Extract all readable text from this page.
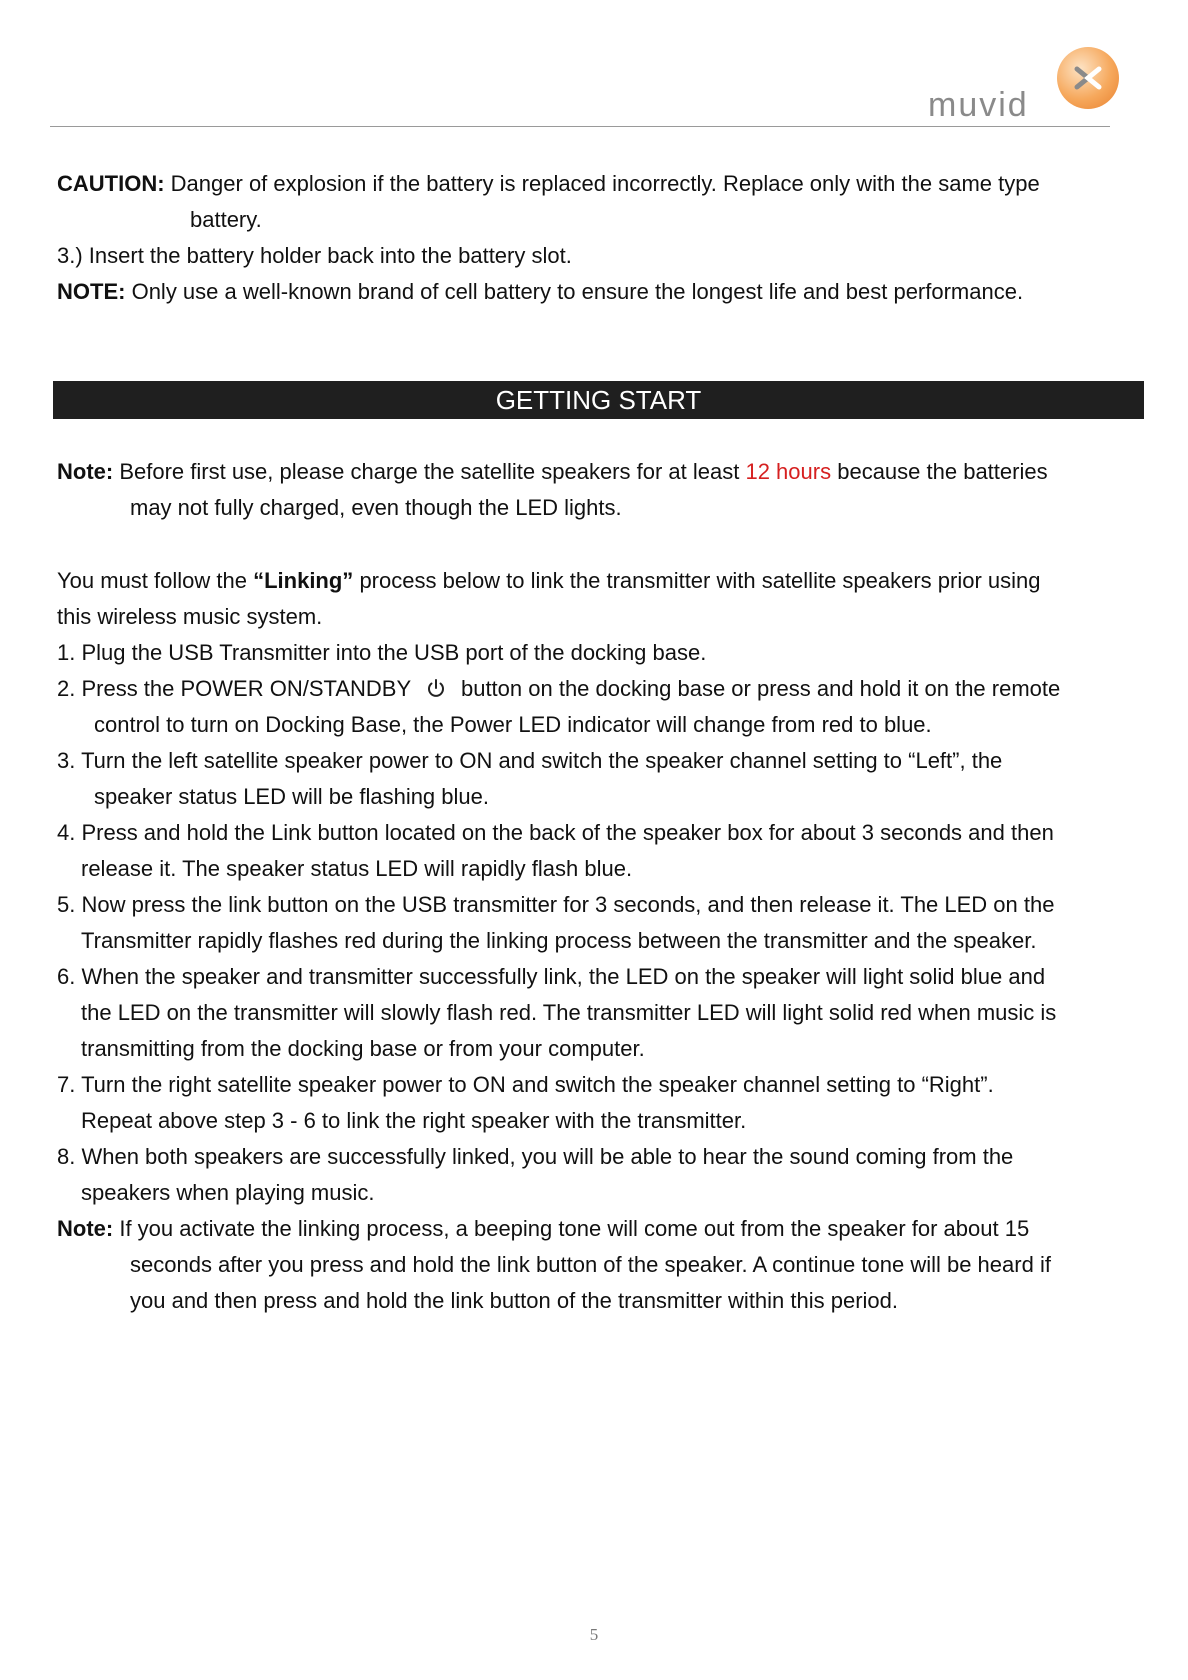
muvid

CAUTION: Danger of explosion if the battery is replaced incorrectly. Replace only with the same type

battery.

3.) Insert the battery holder back into the battery slot.

NOTE: Only use a well-known brand of cell battery to ensure the longest life and best performance.

GETTING START

Note: Before first use, please charge the satellite speakers for at least 12 hours because the batteries

may not fully charged, even though the LED lights.

You must follow the “Linking” process below to link the transmitter with satellite speakers prior using

this wireless music system.

1. Plug the USB Transmitter into the USB port of the docking base.

2. Press the POWER ON/STANDBY button on the docking base or press and hold it on the remote

control to turn on Docking Base, the Power LED indicator will change from red to blue.

3. Turn the left satellite speaker power to ON and switch the speaker channel setting to “Left”, the

speaker status LED will be flashing blue.

4. Press and hold the Link button located on the back of the speaker box for about 3 seconds and then

release it. The speaker status LED will rapidly flash blue.

5. Now press the link button on the USB transmitter for 3 seconds, and then release it. The LED on the

Transmitter rapidly flashes red during the linking process between the transmitter and the speaker.

6. When the speaker and transmitter successfully link, the LED on the speaker will light solid blue and

the LED on the transmitter will slowly flash red. The transmitter LED will light solid red when music is

transmitting from the docking base or from your computer.

7. Turn the right satellite speaker power to ON and switch the speaker channel setting to “Right”.

Repeat above step 3 - 6 to link the right speaker with the transmitter.

8. When both speakers are successfully linked, you will be able to hear the sound coming from the

speakers when playing music.

Note: If you activate the linking process, a beeping tone will come out from the speaker for about 15

seconds after you press and hold the link button of the speaker. A continue tone will be heard if

you and then press and hold the link button of the transmitter within this period.

5
